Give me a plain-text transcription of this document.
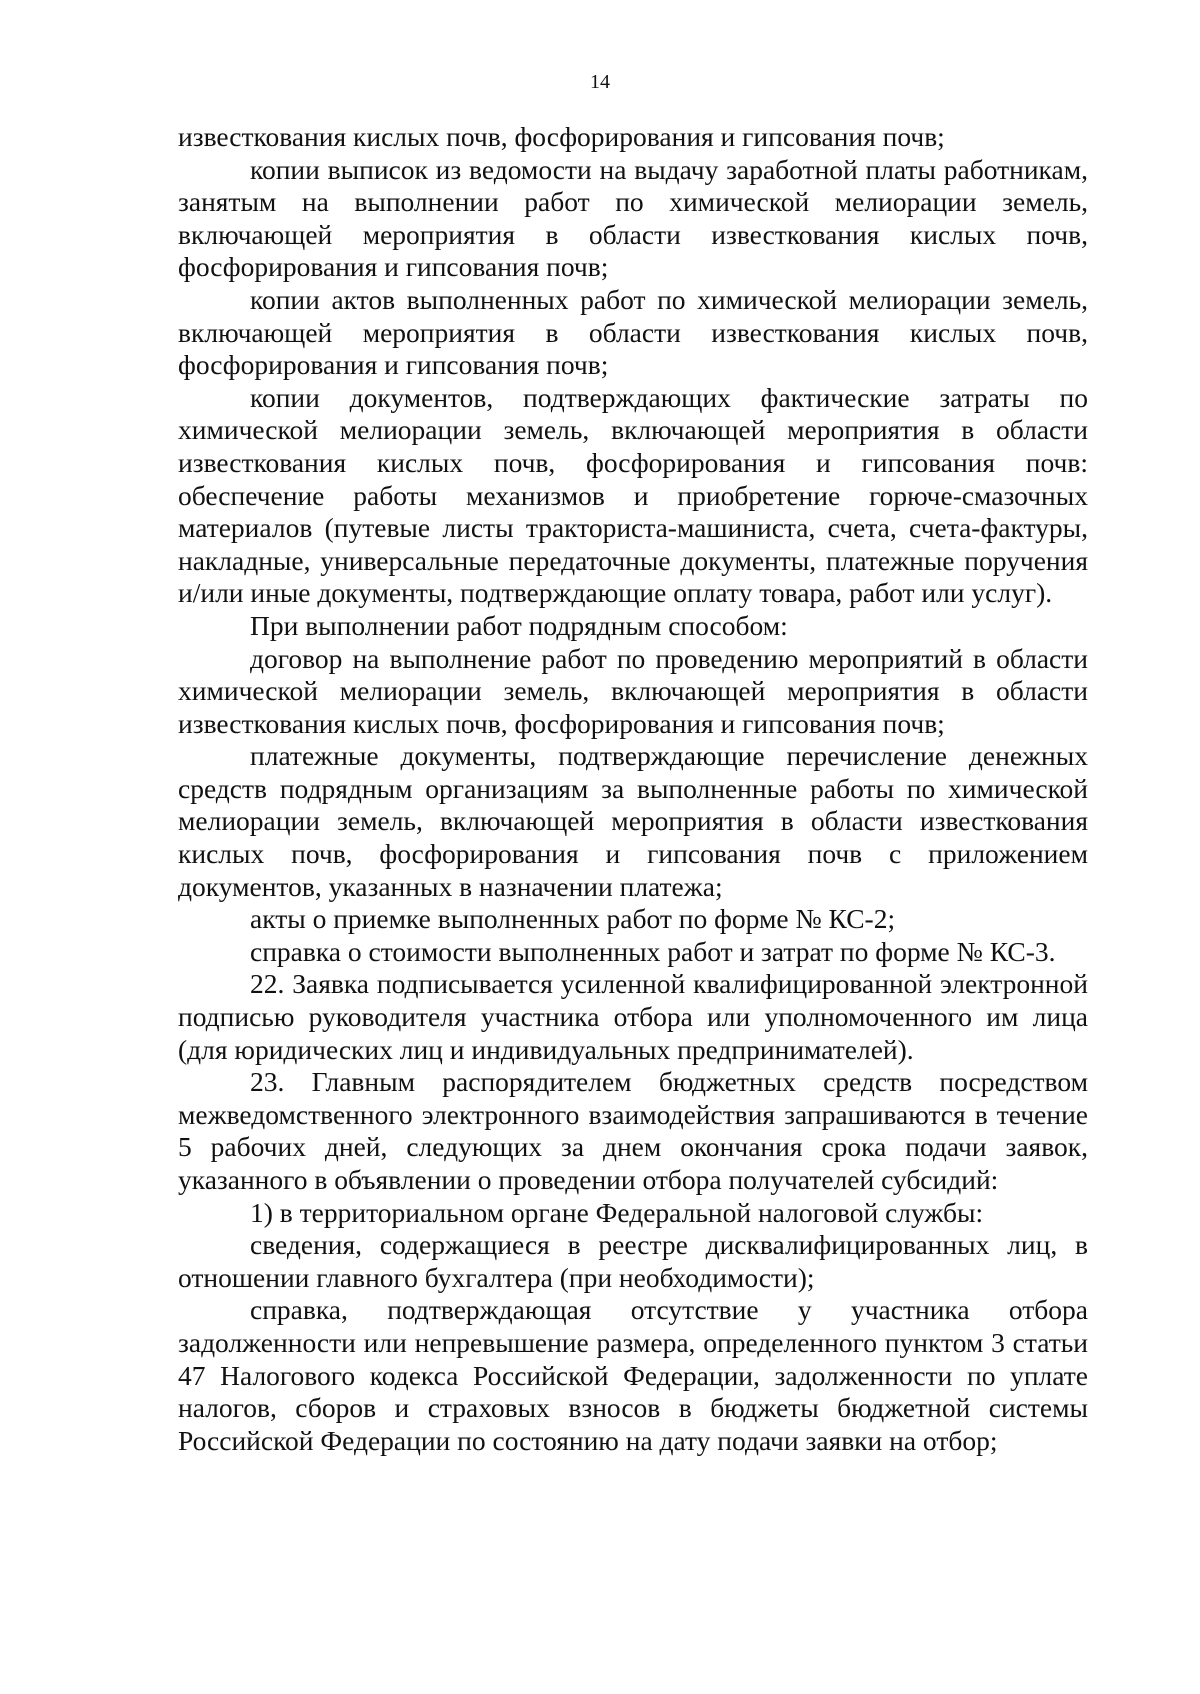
14

известкования кислых почв, фосфорирования и гипсования почв;

копии выписок из ведомости на выдачу заработной платы работникам, занятым на выполнении работ по химической мелиорации земель, включающей мероприятия в области известкования кислых почв, фосфорирования и гипсования почв;

копии актов выполненных работ по химической мелиорации земель, включающей мероприятия в области известкования кислых почв, фосфорирования и гипсования почв;

копии документов, подтверждающих фактические затраты по химической мелиорации земель, включающей мероприятия в области известкования кислых почв, фосфорирования и гипсования почв: обеспечение работы механизмов и приобретение горюче-смазочных материалов (путевые листы тракториста-машиниста, счета, счета-фактуры, накладные, универсальные передаточные документы, платежные поручения и/или иные документы, подтверждающие оплату товара, работ или услуг).

При выполнении работ подрядным способом:

договор на выполнение работ по проведению мероприятий в области химической мелиорации земель, включающей мероприятия в области известкования кислых почв, фосфорирования и гипсования почв;

платежные документы, подтверждающие перечисление денежных средств подрядным организациям за выполненные работы по химической мелиорации земель, включающей мероприятия в области известкования кислых почв, фосфорирования и гипсования почв с приложением документов, указанных в назначении платежа;

акты о приемке выполненных работ по форме № КС-2;

справка о стоимости выполненных работ и затрат по форме № КС-3.

22. Заявка подписывается усиленной квалифицированной электронной подписью руководителя участника отбора или уполномоченного им лица (для юридических лиц и индивидуальных предпринимателей).

23. Главным распорядителем бюджетных средств посредством межведомственного электронного взаимодействия запрашиваются в течение 5 рабочих дней, следующих за днем окончания срока подачи заявок, указанного в объявлении о проведении отбора получателей субсидий:

1) в территориальном органе Федеральной налоговой службы:

сведения, содержащиеся в реестре дисквалифицированных лиц, в отношении главного бухгалтера (при необходимости);

справка, подтверждающая отсутствие у участника отбора задолженности или непревышение размера, определенного пунктом 3 статьи 47 Налогового кодекса Российской Федерации, задолженности по уплате налогов, сборов и страховых взносов в бюджеты бюджетной системы Российской Федерации по состоянию на дату подачи заявки на отбор;
